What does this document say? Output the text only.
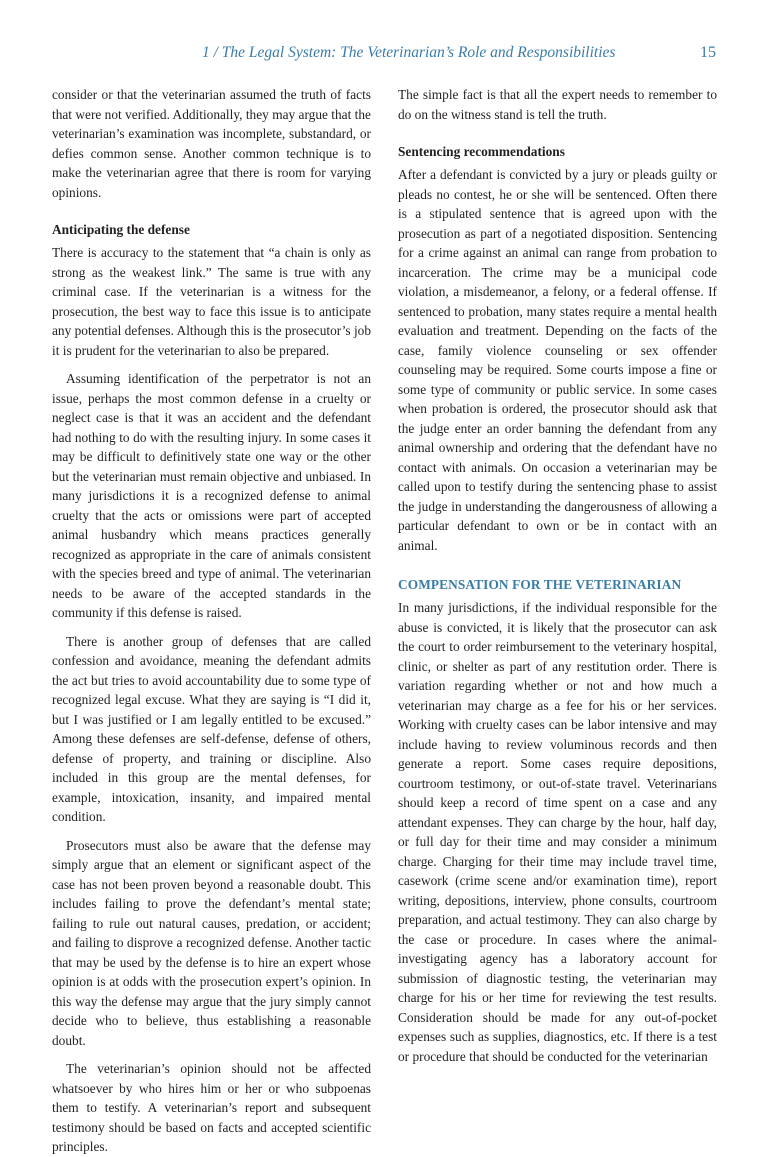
1 / The Legal System: The Veterinarian’s Role and Responsibilities	15

consider or that the veterinarian assumed the truth of facts that were not verified. Additionally, they may argue that the veterinarian’s examination was incomplete, substandard, or defies common sense. Another common technique is to make the veterinarian agree that there is room for varying opinions.

Anticipating the defense

There is accuracy to the statement that “a chain is only as strong as the weakest link.” The same is true with any criminal case. If the veterinarian is a witness for the prosecution, the best way to face this issue is to anticipate any potential defenses. Although this is the prosecutor’s job it is prudent for the veterinarian to also be prepared.

Assuming identification of the perpetrator is not an issue, perhaps the most common defense in a cruelty or neglect case is that it was an accident and the defendant had nothing to do with the resulting injury. In some cases it may be difficult to definitively state one way or the other but the veterinarian must remain objective and unbiased. In many jurisdictions it is a recognized defense to animal cruelty that the acts or omissions were part of accepted animal husbandry which means practices generally recognized as appropriate in the care of animals consistent with the species breed and type of animal. The veterinarian needs to be aware of the accepted standards in the community if this defense is raised.

There is another group of defenses that are called confession and avoidance, meaning the defendant admits the act but tries to avoid accountability due to some type of recognized legal excuse. What they are saying is “I did it, but I was justified or I am legally entitled to be excused.” Among these defenses are self-defense, defense of others, defense of property, and training or discipline. Also included in this group are the mental defenses, for example, intoxication, insanity, and impaired mental condition.

Prosecutors must also be aware that the defense may simply argue that an element or significant aspect of the case has not been proven beyond a reasonable doubt. This includes failing to prove the defendant’s mental state; failing to rule out natural causes, predation, or accident; and failing to disprove a recognized defense. Another tactic that may be used by the defense is to hire an expert whose opinion is at odds with the prosecution expert’s opinion. In this way the defense may argue that the jury simply cannot decide who to believe, thus establishing a reasonable doubt.

The veterinarian’s opinion should not be affected whatsoever by who hires him or her or who subpoenas them to testify. A veterinarian’s report and subsequent testimony should be based on facts and accepted scientific principles.

The simple fact is that all the expert needs to remember to do on the witness stand is tell the truth.

Sentencing recommendations

After a defendant is convicted by a jury or pleads guilty or pleads no contest, he or she will be sentenced. Often there is a stipulated sentence that is agreed upon with the prosecution as part of a negotiated disposition. Sentencing for a crime against an animal can range from probation to incarceration. The crime may be a municipal code violation, a misdemeanor, a felony, or a federal offense. If sentenced to probation, many states require a mental health evaluation and treatment. Depending on the facts of the case, family violence counseling or sex offender counseling may be required. Some courts impose a fine or some type of community or public service. In some cases when probation is ordered, the prosecutor should ask that the judge enter an order banning the defendant from any animal ownership and ordering that the defendant have no contact with animals. On occasion a veterinarian may be called upon to testify during the sentencing phase to assist the judge in understanding the dangerousness of allowing a particular defendant to own or be in contact with an animal.

COMPENSATION FOR THE VETERINARIAN

In many jurisdictions, if the individual responsible for the abuse is convicted, it is likely that the prosecutor can ask the court to order reimbursement to the veterinary hospital, clinic, or shelter as part of any restitution order. There is variation regarding whether or not and how much a veterinarian may charge as a fee for his or her services. Working with cruelty cases can be labor intensive and may include having to review voluminous records and then generate a report. Some cases require depositions, courtroom testimony, or out-of-state travel. Veterinarians should keep a record of time spent on a case and any attendant expenses. They can charge by the hour, half day, or full day for their time and may consider a minimum charge. Charging for their time may include travel time, casework (crime scene and/or examination time), report writing, depositions, interview, phone consults, courtroom preparation, and actual testimony. They can also charge by the case or procedure. In cases where the animal-investigating agency has a laboratory account for submission of diagnostic testing, the veterinarian may charge for his or her time for reviewing the test results. Consideration should be made for any out-of-pocket expenses such as supplies, diagnostics, etc. If there is a test or procedure that should be conducted for the veterinarian
